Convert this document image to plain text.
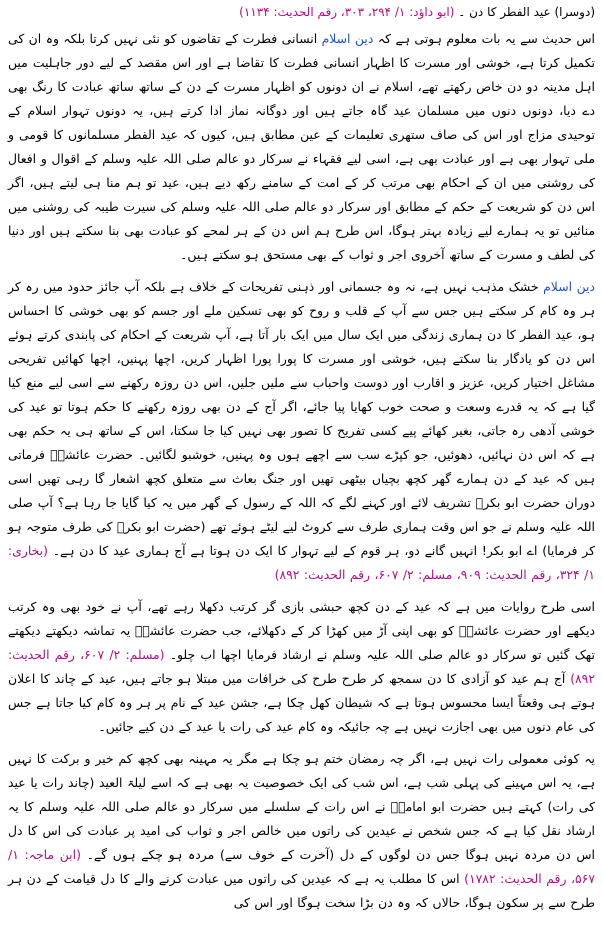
(دوسرا) عید الفطر کا دن ۔ (ابو داؤد: ۱/ ۲۹۴، ۳۰۳، رقم الحدیث: ۱۱۳۴)

اس حدیث سے یہ بات معلوم ہوتی ہے کہ دین اسلام انسانی فطرت کے تقاضوں کو نئی نہیں کرتا بلکہ وہ ان کی تکمیل کرتا ہے، خوشی اور مسرت کا اظہار انسانی فطرت کا تقاضا ہے اور اس مقصد کے لیے دور جاہلیت میں اہل مدینہ دو دن خاص رکھتے تھے، اسلام نے ان دونوں کو اظہار مسرت کے دن کے ساتھ ساتھ عبادت کا رنگ بھی دے دیا، دونوں دنوں میں مسلمان عید گاہ جاتے ہیں اور دوگانہ نماز ادا کرتے ہیں، یہ دونوں تہوار اسلام کے توحیدی مزاج اور اس کی صاف ستھری تعلیمات کے عین مطابق ہیں، کیوں کہ عید الفطر مسلمانوں کا قومی و ملی تہوار بھی ہے اور عبادت بھی ہے، اسی لیے فقہاء نے سرکار دو عالم صلی اللہ علیہ وسلم کے اقوال و افعال کی روشنی میں ان کے احکام بھی مرتب کر کے امت کے سامنے رکھ دیے ہیں، عید تو ہم منا ہی لیتے ہیں، اگر اس دن کو شریعت کے حکم کے مطابق اور سرکار دو عالم صلی اللہ علیہ وسلم کی سیرت طیبہ کی روشنی میں منائیں تو یہ ہمارے لیے زیادہ بہتر ہوگا، اس طرح ہم اس دن کے ہر لمحے کو عبادت بھی بنا سکتے ہیں اور دنیا کی لطف و مسرت کے ساتھ آخروی اجر و ثواب کے بھی مستحق ہو سکتے ہیں۔

دین اسلام خشک مذہب نہیں ہے، نہ وہ جسمانی اور ذہنی تفریحات کے خلاف ہے بلکہ آپ جائز حدود میں رہ کر ہر وہ کام کر سکتے ہیں جس سے آپ کے قلب و روح کو بھی تسکین ملے اور جسم کو بھی خوشی کا احساس ہو، عید الفطر کا دن ہماری زندگی میں ایک سال میں ایک بار آتا ہے، آپ شریعت کے احکام کی پابندی کرتے ہوئے اس دن کو یادگار بنا سکتے ہیں، خوشی اور مسرت کا پورا پورا اظہار کریں، اچھا پہنیں، اچھا کھائیں تفریحی مشاغل اختیار کریں، عزیز و اقارب اور دوست واحباب سے ملیں جلیں، اس دن روزہ رکھنے سے اسی لیے منع کیا گیا ہے کہ یہ قدرے وسعت و صحت خوب کھایا پیا جائے، اگر آج کے دن بھی روزہ رکھنے کا حکم ہوتا تو عید کی خوشی آدھی رہ جاتی، بغیر کھائے پیے کسی تفریح کا تصور بھی نہیں کیا جا سکتا، اس کے ساتھ ہی یہ حکم بھی ہے کہ اس دن نہائیں، دھوئیں، جو کپڑے سب سے اچھے ہوں وہ پہنیں، خوشبو لگائیں۔ حضرت عائشہؓ فرماتی ہیں کہ عید کے دن ہمارے گھر کچھ بچیاں بیٹھی تھیں اور جنگ بعاث سے متعلق کچھ اشعار گا رہی تھیں اسی دوران حضرت ابو بکرؓ تشریف لائے اور کہنے لگے کہ اللہ کے رسول کے گھر میں یہ کیا گایا جا رہا ہے؟ آپ صلی اللہ علیہ وسلم نے جو اس وقت ہماری طرف سے کروٹ لیے لیٹے ہوئے تھے (حضرت ابو بکرؓ کی طرف متوجہ ہو کر فرمایا) اے ابو بکر! انہیں گانے دو، ہر قوم کے لیے تہوار کا ایک دن ہوتا ہے آج ہماری عید کا دن ہے۔ (بخاری: ۱/ ۳۲۴، رقم الحدیث: ۹۰۹، مسلم: ۲/ ۶۰۷، رقم الحدیث: ۸۹۲)

اسی طرح روایات میں ہے کہ عید کے دن کچھ حبشی بازی گر کرتب دکھلا رہے تھے، آپ نے خود بھی وہ کرتب دیکھے اور حضرت عائشہؓ کو بھی اپنی آڑ میں کھڑا کر کے دکھلائے، جب حضرت عائشہؓ یہ تماشہ دیکھتے دیکھتے تھک گئیں تو سرکار دو عالم صلی اللہ علیہ وسلم نے ارشاد فرمایا اچھا اب چلو۔ (مسلم: ۲/ ۶۰۷، رقم الحدیث: ۸۹۲) آج ہم عید کو آزادی کا دن سمجھ کر طرح طرح کی خرافات میں مبتلا ہو جاتے ہیں، عید کے چاند کا اعلان ہوتے ہی وقعتاً ایسا محسوس ہوتا ہے کہ شیطان کھل چکا ہے، جشن عید کے نام پر ہر وہ کام کیا جاتا ہے جس کی عام دنوں میں بھی اجازت نہیں ہے چہ جائیکہ وہ کام عید کی رات یا عید کے دن کیے جائیں۔

یہ کوئی معمولی رات نہیں ہے، اگر چہ رمضان ختم ہو چکا ہے مگر یہ مہینہ بھی کچھ کم خیر و برکت کا نہیں ہے، یہ اس مہینے کی پہلی شب ہے، اس شب کی ایک خصوصیت یہ بھی ہے کہ اسے لیلۃ العید (چاند رات یا عید کی رات) کہتے ہیں حضرت ابو امامہؓ نے اس رات کے سلسلے میں سرکار دو عالم صلی اللہ علیہ وسلم کا یہ ارشاد نقل کیا ہے کہ جس شخص نے عیدین کی راتوں میں خالص اجر و ثواب کی امید پر عبادت کی اس کا دل اس دن مردہ نہیں ہوگا جس دن لوگوں کے دل (آخرت کے خوف سے) مردہ ہو چکے ہوں گے۔ (ابن ماجہ: ۱/ ۵۶۷، رقم الحدیث: ۱۷۸۲) اس کا مطلب یہ ہے کہ عیدین کی راتوں میں عبادت کرنے والے کا دل قیامت کے دن ہر طرح سے پر سکون ہوگا، حالاں کہ وہ دن بڑا سخت ہوگا اور اس کی
